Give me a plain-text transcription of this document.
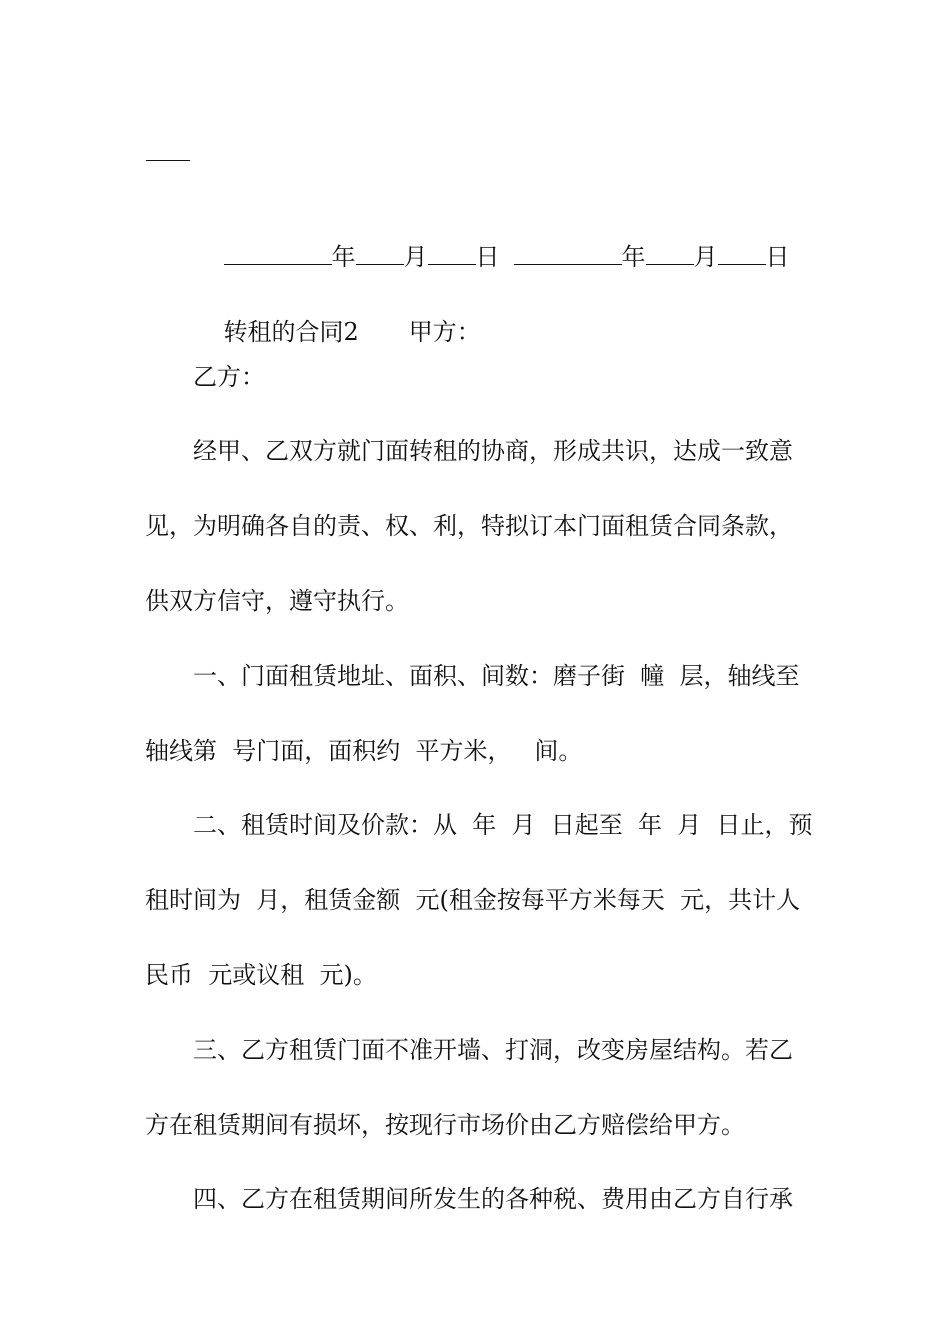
年 月 日	年 月 日

转租的合同2 甲方：

乙方：
经甲、乙双方就门面转租的协商，形成共识，达成一致意
见，为明确各自的责、权、利，特拟订本门面租赁合同条款，
供双方信守，遵守执行。
一、门面租赁地址、面积、间数：磨子街  幢  层，轴线至
轴线第  号门面，面积约  平方米，   间。
二、租赁时间及价款：从  年  月  日起至  年  月  日止，预
租时间为  月，租赁金额  元(租金按每平方米每天  元，共计人
民币  元或议租  元)。
三、乙方租赁门面不准开墙、打洞，改变房屋结构。若乙
方在租赁期间有损坏，按现行市场价由乙方赔偿给甲方。
四、乙方在租赁期间所发生的各种税、费用由乙方自行承
